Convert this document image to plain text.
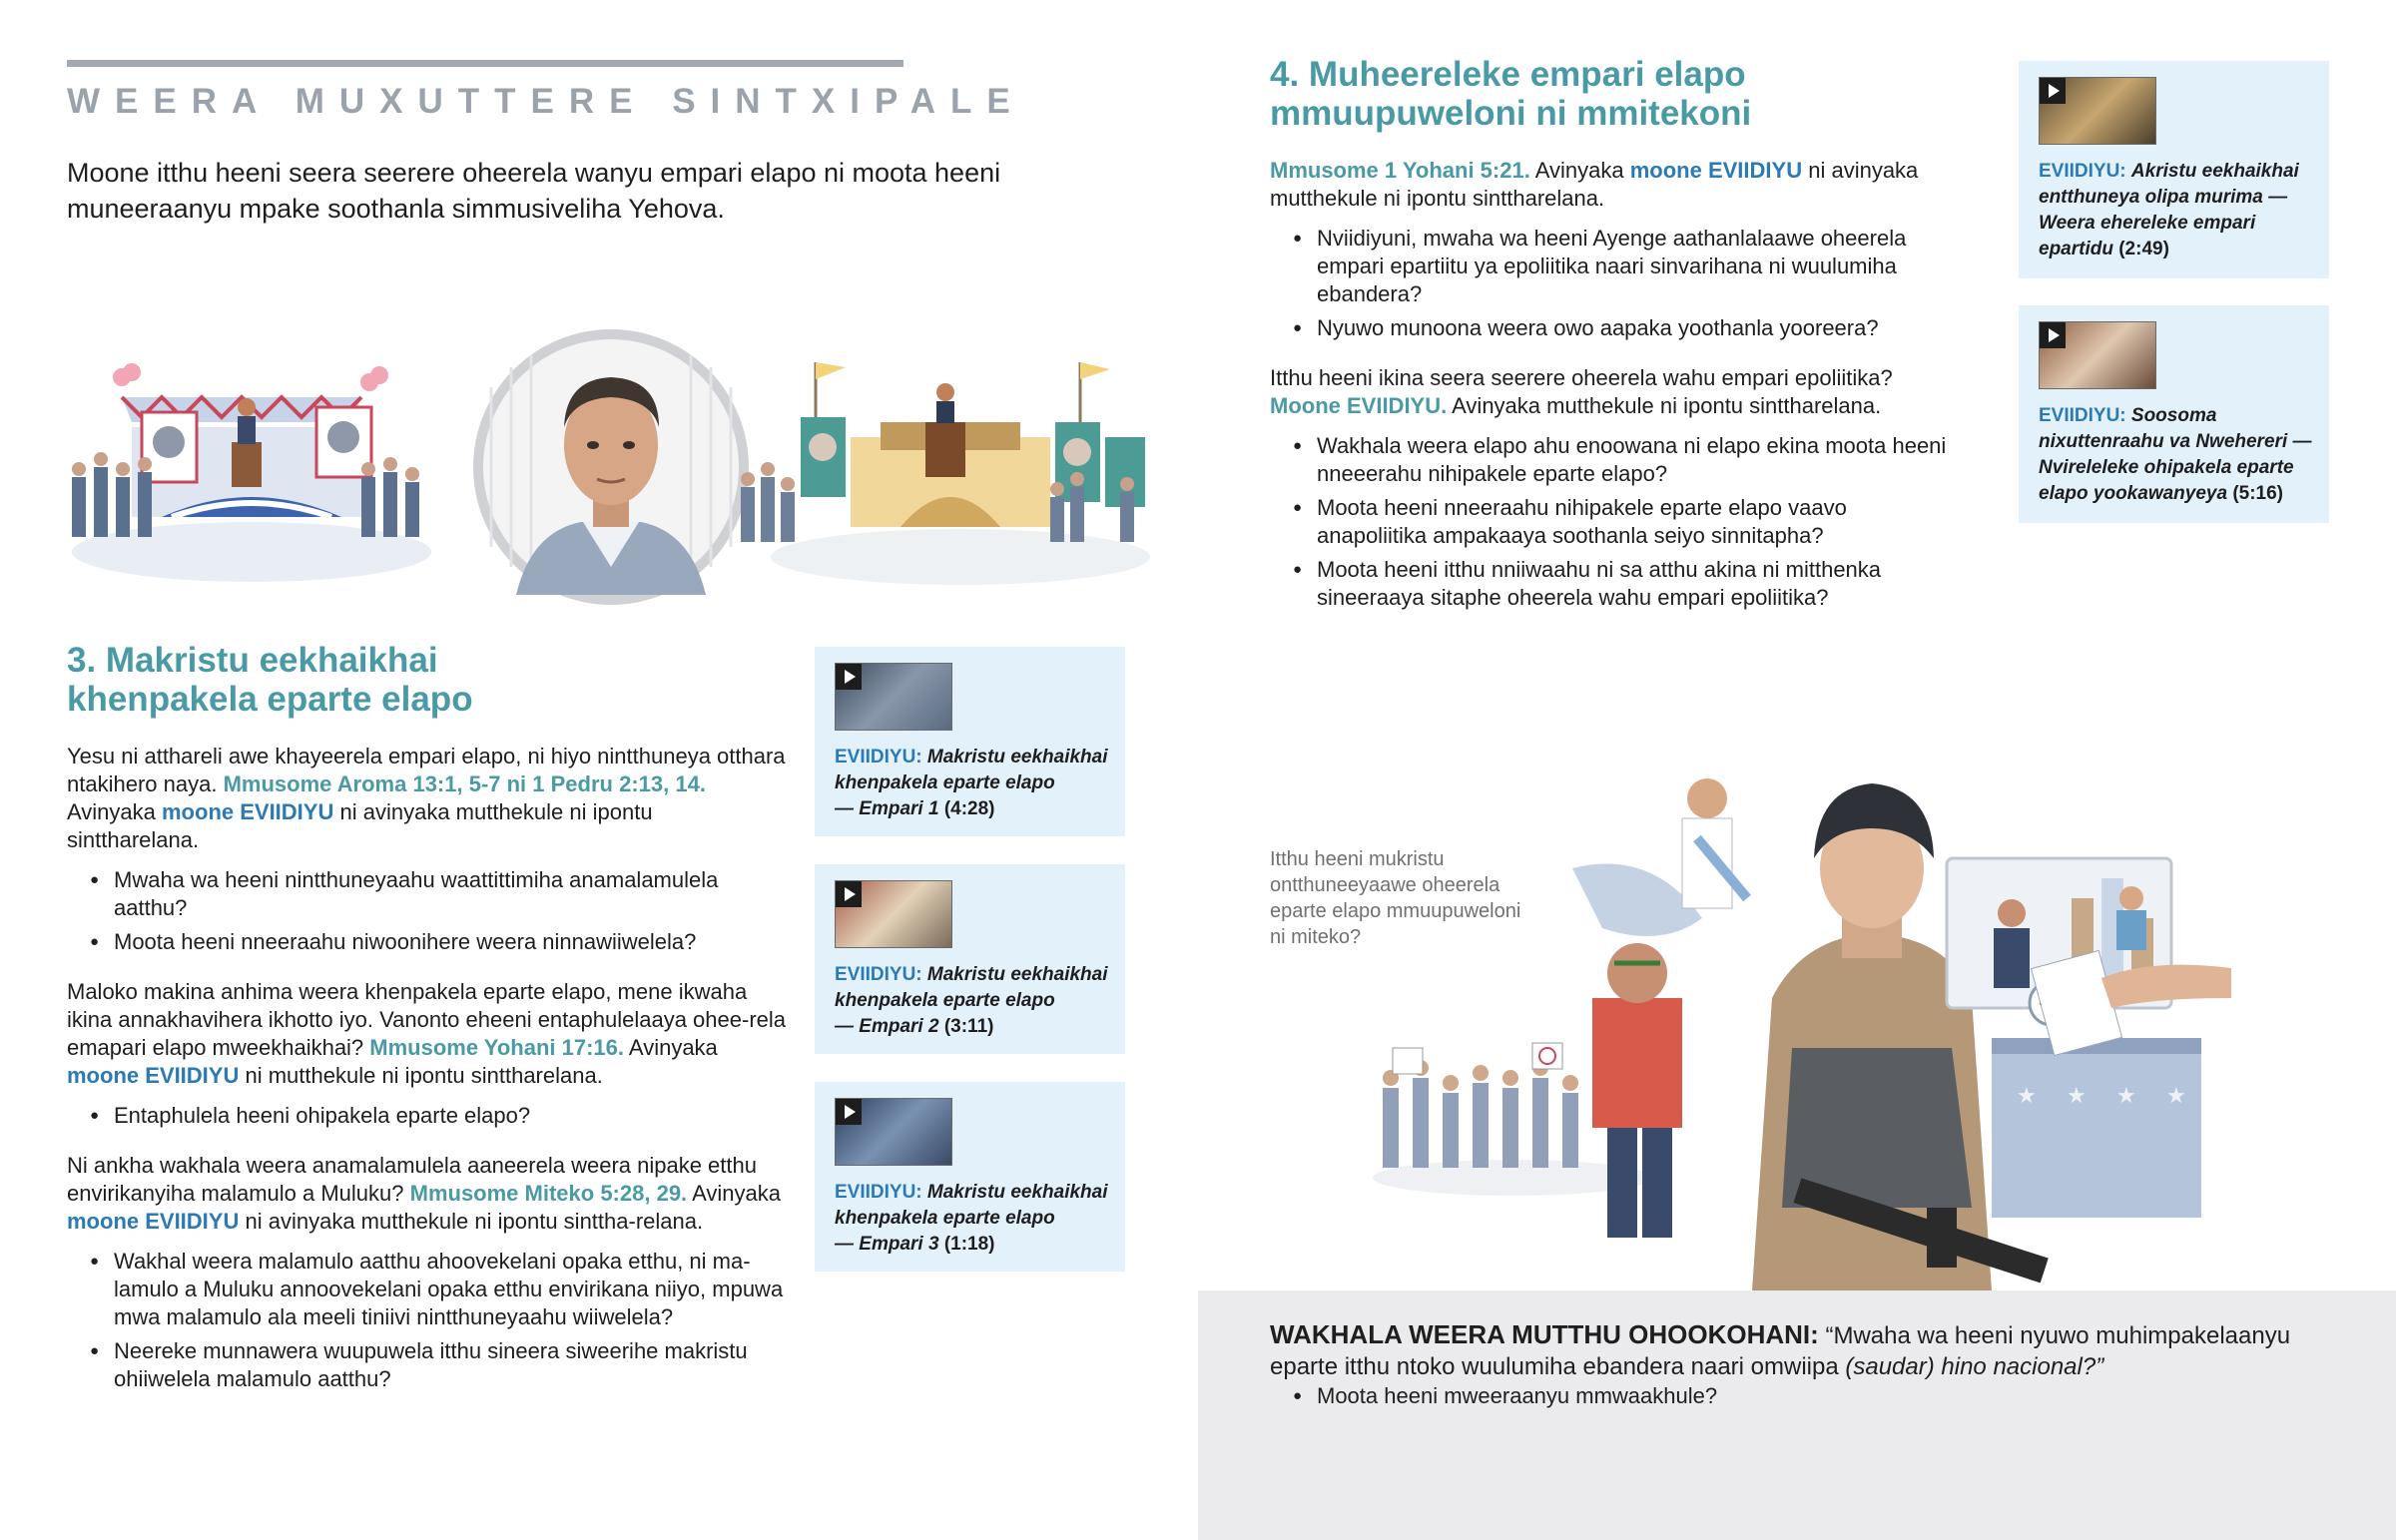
WEERA MUXUTTERE SINTXIPALE
Moone itthu heeni seera seerere oheerela wanyu empari elapo ni moota heeni muneeraanyu mpake soothanla simmusiveliha Yehova.
3. Makristu eekhaikhai
khenpakela eparte elapo

Yesu ni atthareli awe khayeerela empari elapo, ni hiyo nintthuneya otthara ntakihero naya. Mmusome Aroma 13:1, 5-7 ni 1 Pedru 2:13, 14. Avinyaka moone EVIIDIYU ni avinyaka mutthekule ni ipontu sinttharelana.

● Mwaha wa heeni nintthuneyaahu waattittimiha anamalamulela aatthu?
● Moota heeni nneeraahu niwoonihere weera ninnawiiwelela?

Maloko makina anhima weera khenpakela eparte elapo, mene ikwaha ikina annakhavihera ikhotto iyo. Vanonto eheeni entaphulelaaya ohee-rela emapari elapo mweekhaikhai? Mmusome Yohani 17:16. Avinyaka moone EVIIDIYU ni mutthekule ni ipontu sinttharelana.

● Entaphulela heeni ohipakela eparte elapo?

Ni ankha wakhala weera anamalamulela aaneerela weera nipake etthu envirikanyiha malamulo a Muluku? Mmusome Miteko 5:28, 29. Avinyaka moone EVIIDIYU ni avinyaka mutthekule ni ipontu sinttha-relana.

● Wakhal weera malamulo aatthu ahoovekelani opaka etthu, ni ma-lamulo a Muluku annoovekelani opaka etthu envirikana niiyo, mpuwa mwa malamulo ala meeli tiniivi nintthuneyaahu wiiwelela?
● Neereke munnawera wuupuwela itthu sineera siweerihe makristu ohiiwelela malamulo aatthu?
EVIIDIYU: Makristu eekhaikhai khenpakela eparte elapo
— Empari 1 (4:28)
EVIIDIYU: Makristu eekhaikhai khenpakela eparte elapo
— Empari 2 (3:11)
EVIIDIYU: Makristu eekhaikhai khenpakela eparte elapo
— Empari 3 (1:18)
4. Muheereleke empari elapo
mmuupuweloni ni mmitekoni

Mmusome 1 Yohani 5:21. Avinyaka moone EVIIDIYU ni avinyaka mutthekule ni ipontu sinttharelana.

● Nviidiyuni, mwaha wa heeni Ayenge aathanlalaawe oheerela empari epartiitu ya epoliitika naari sinvarihana ni wuulumiha ebandera?
● Nyuwo munoona weera owo aapaka yoothanla yooreera?

Itthu heeni ikina seera seerere oheerela wahu empari epoliitika? Moone EVIIDIYU. Avinyaka mutthekule ni ipontu sinttharelana.

● Wakhala weera elapo ahu enoowana ni elapo ekina moota heeni nneeerahu nihipakele eparte elapo?
● Moota heeni nneeraahu nihipakele eparte elapo vaavo anapoliitika ampakaaya soothanla seiyo sinnitapha?
● Moota heeni itthu nniiwaahu ni sa atthu akina ni mitthenka sineeraaya sitaphe oheerela wahu empari epoliitika?
EVIIDIYU: Akristu eekhaikhai entthuneya olipa murima — Weera ehereleke empari epartidu (2:49)
EVIIDIYU: Soosoma nixuttenraahu va Nwehereri — Nvireleleke ohipakela eparte elapo yookawanyeya (5:16)
Itthu heeni mukristu ontthuneeyaawe oheerela eparte elapo mmuupuweloni ni miteko?
★ ★ ★ ★
WAKHALA WEERA MUTTHU OHOOKOHANI: “Mwaha wa heeni nyuwo muhimpakelaanyu eparte itthu ntoko wuulumiha ebandera naari omwiipa (saudar) hino nacional?”
● Moota heeni mweeraanyu mmwaakhule?
